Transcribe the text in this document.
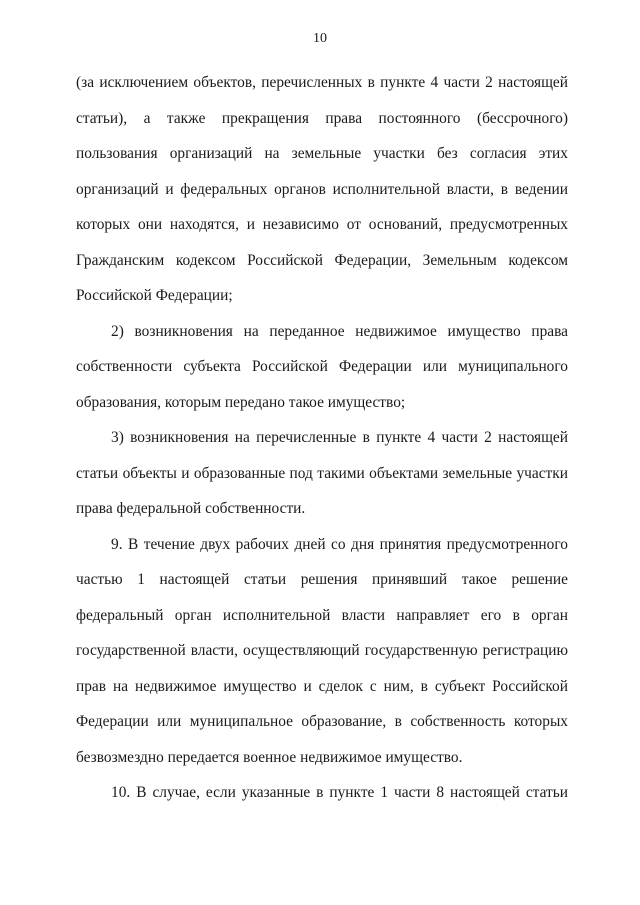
10
(за исключением объектов, перечисленных в пункте 4 части 2 настоящей
статьи), а также прекращения права постоянного (бессрочного)
пользования организаций на земельные участки без согласия этих
организаций и федеральных органов исполнительной власти, в ведении
которых они находятся, и независимо от оснований, предусмотренных
Гражданским кодексом Российской Федерации, Земельным кодексом
Российской Федерации;
2) возникновения на переданное недвижимое имущество права
собственности субъекта Российской Федерации или муниципального
образования, которым передано такое имущество;
3) возникновения на перечисленные в пункте 4 части 2 настоящей
статьи объекты и образованные под такими объектами земельные участки
права федеральной собственности.
9. В течение двух рабочих дней со дня принятия предусмотренного
частью 1 настоящей статьи решения принявший такое решение
федеральный орган исполнительной власти направляет его в орган
государственной власти, осуществляющий государственную регистрацию
прав на недвижимое имущество и сделок с ним, в субъект Российской
Федерации или муниципальное образование, в собственность которых
безвозмездно передается военное недвижимое имущество.
10. В случае, если указанные в пункте 1 части 8 настоящей статьи
